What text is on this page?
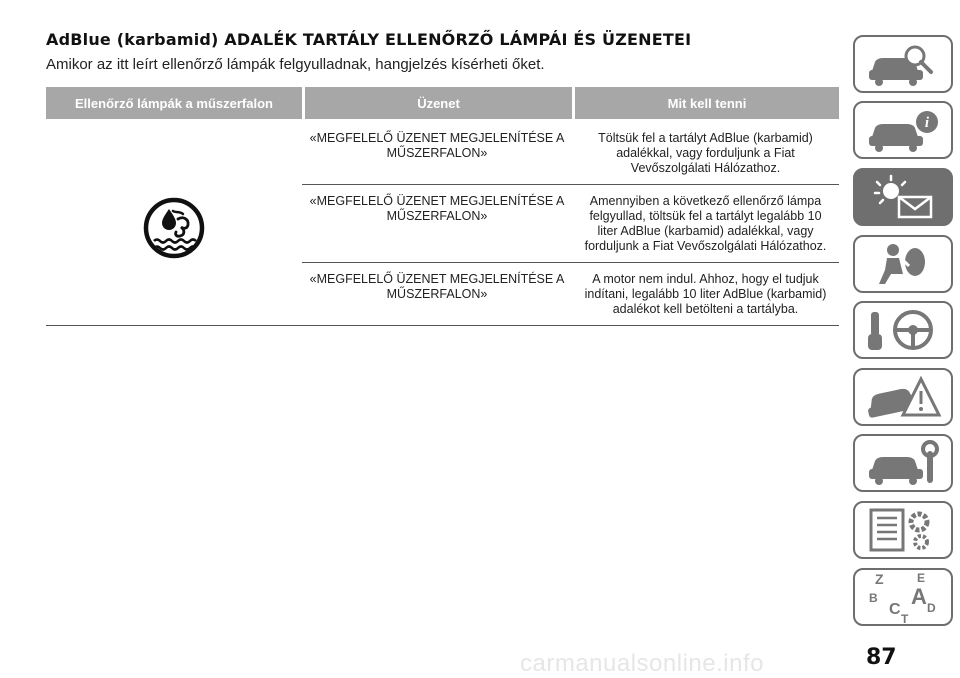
AdBlue (karbamid) ADALÉK TARTÁLY ELLENŐRZŐ LÁMPÁI ÉS ÜZENETEI

Amikor az itt leírt ellenőrző lámpák felgyulladnak, hangjelzés kísérheti őket.

Ellenőrző lámpák a műszerfalon	Üzenet	Mit kell tenni

	«MEGFELELŐ ÜZENET MEGJELENÍTÉSE A MŰSZERFALON»	Töltsük fel a tartályt AdBlue (karbamid) adalékkal, vagy forduljunk a Fiat Vevőszolgálati Hálózathoz.
	«MEGFELELŐ ÜZENET MEGJELENÍTÉSE A MŰSZERFALON»	Amennyiben a következő ellenőrző lámpa felgyullad, töltsük fel a tartályt legalább 10 liter AdBlue (karbamid) adalékkal, vagy forduljunk a Fiat Vevőszolgálati Hálózathoz.
	«MEGFELELŐ ÜZENET MEGJELENÍTÉSE A MŰSZERFALON»	A motor nem indul. Ahhoz, hogy el tudjuk indítani, legalább 10 liter AdBlue (karbamid) adalékot kell betölteni a tartályba.
i
Z	E
B A
C D
T
carmanualsonline.info	87
